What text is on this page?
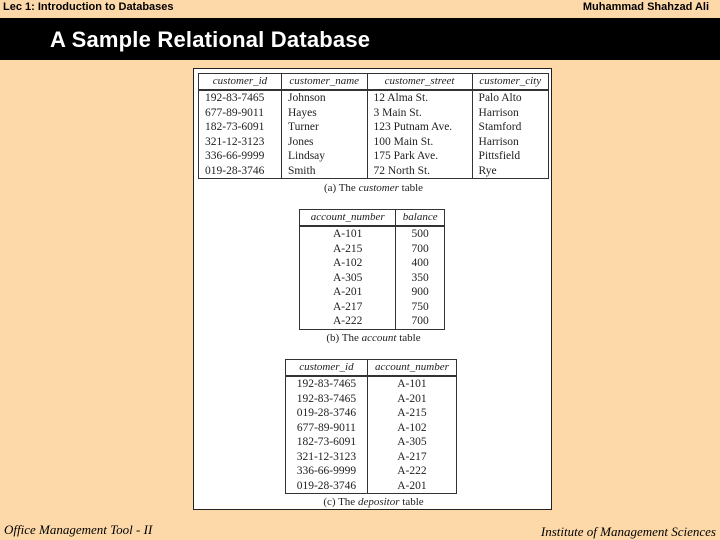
Lec 1: Introduction to Databases	Muhammad Shahzad Ali
A Sample Relational Database
customer_id	customer_name	customer_street	customer_city
192-83-7465	Johnson	12 Alma St.	Palo Alto
677-89-9011	Hayes	3 Main St.	Harrison
182-73-6091	Turner	123 Putnam Ave.	Stamford
321-12-3123	Jones	100 Main St.	Harrison
336-66-9999	Lindsay	175 Park Ave.	Pittsfield
019-28-3746	Smith	72 North St.	Rye
(a) The customer table
account_number	balance
A-101	500
A-215	700
A-102	400
A-305	350
A-201	900
A-217	750
A-222	700
(b) The account table
customer_id	account_number
192-83-7465	A-101
192-83-7465	A-201
019-28-3746	A-215
677-89-9011	A-102
182-73-6091	A-305
321-12-3123	A-217
336-66-9999	A-222
019-28-3746	A-201
(c) The depositor table
Office Management Tool - II	Institute of Management Sciences
